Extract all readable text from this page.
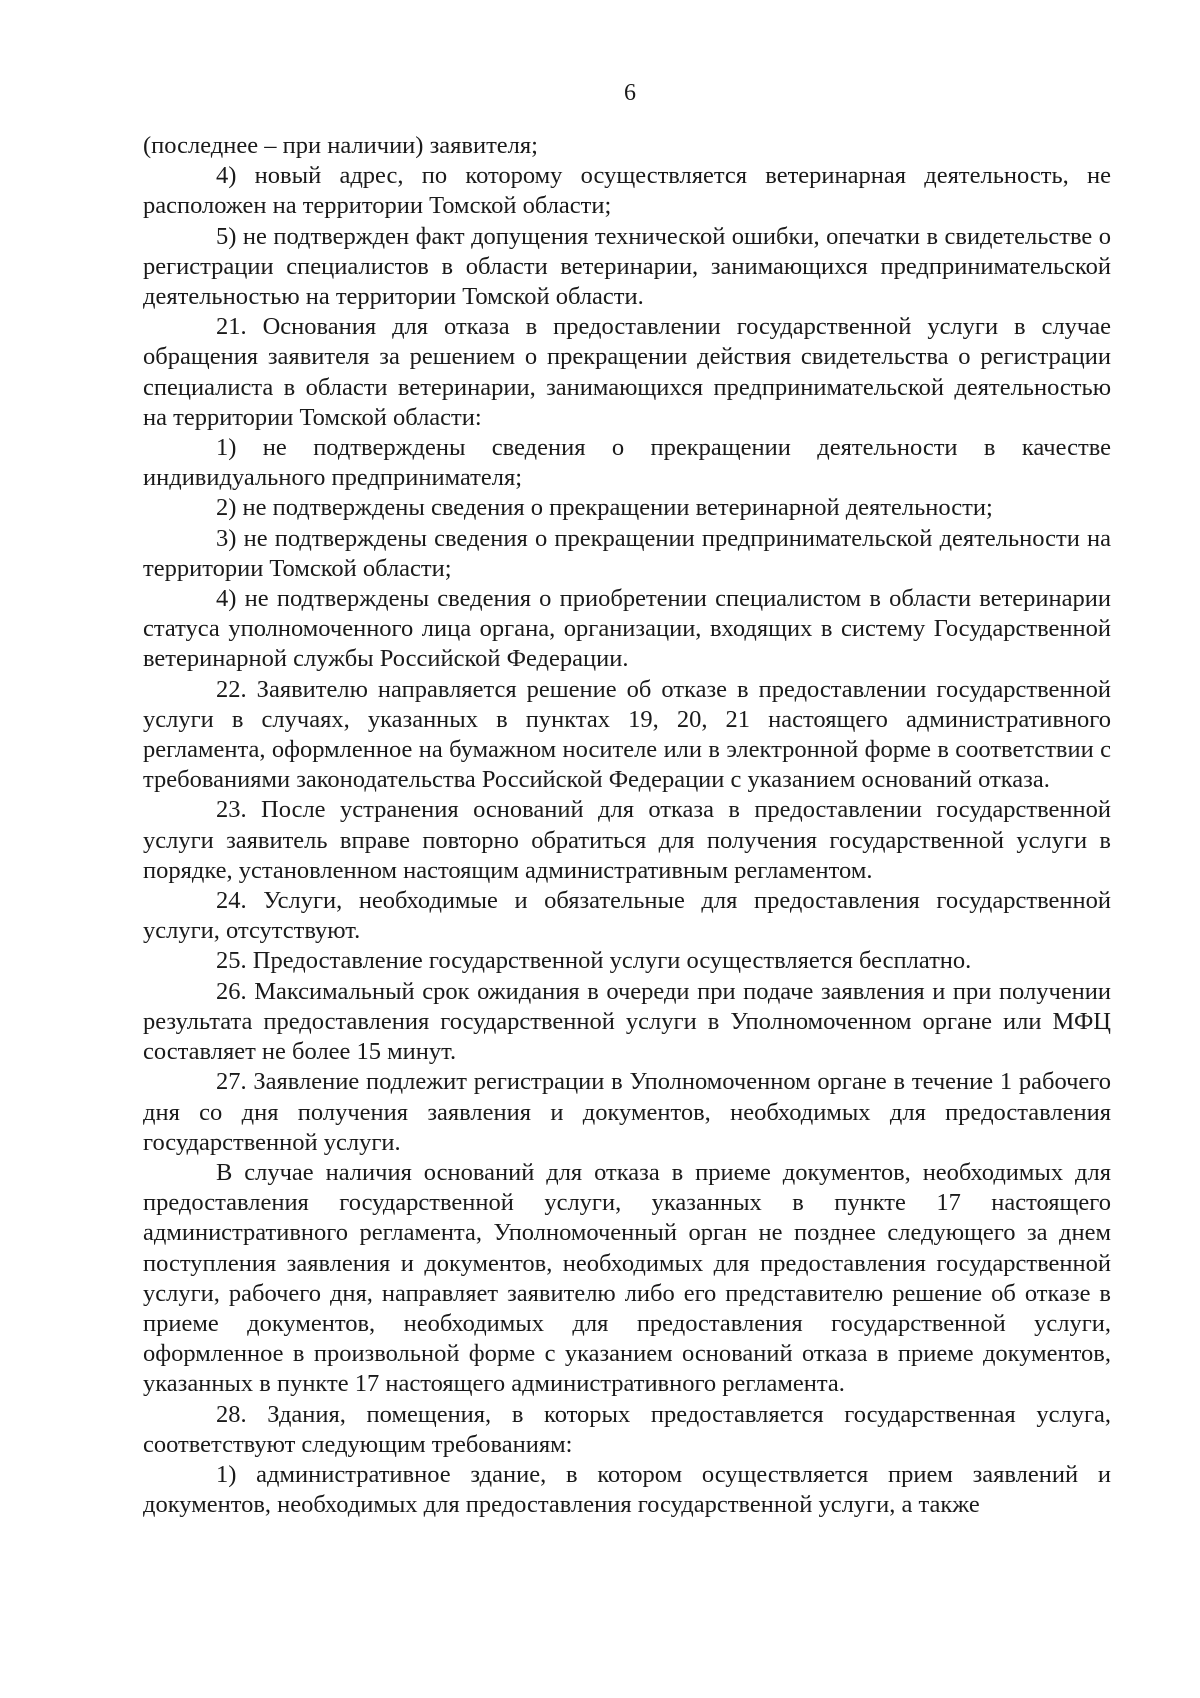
6

(последнее – при наличии) заявителя;

4) новый адрес, по которому осуществляется ветеринарная деятельность, не расположен на территории Томской области;

5) не подтвержден факт допущения технической ошибки, опечатки в свидетельстве о регистрации специалистов в области ветеринарии, занимающихся предпринимательской деятельностью на территории Томской области.

21. Основания для отказа в предоставлении государственной услуги в случае обращения заявителя за решением о прекращении действия свидетельства о регистрации специалиста в области ветеринарии, занимающихся предпринимательской деятельностью на территории Томской области:

1) не подтверждены сведения о прекращении деятельности в качестве индивидуального предпринимателя;

2) не подтверждены сведения о прекращении ветеринарной деятельности;

3) не подтверждены сведения о прекращении предпринимательской деятельности на территории Томской области;

4) не подтверждены сведения о приобретении специалистом в области ветеринарии статуса уполномоченного лица органа, организации, входящих в систему Государственной ветеринарной службы Российской Федерации.

22. Заявителю направляется решение об отказе в предоставлении государственной услуги в случаях, указанных в пунктах 19, 20, 21 настоящего административного регламента, оформленное на бумажном носителе или в электронной форме в соответствии с требованиями законодательства Российской Федерации с указанием оснований отказа.

23. После устранения оснований для отказа в предоставлении государственной услуги заявитель вправе повторно обратиться для получения государственной услуги в порядке, установленном настоящим административным регламентом.

24. Услуги, необходимые и обязательные для предоставления государственной услуги, отсутствуют.

25. Предоставление государственной услуги осуществляется бесплатно.

26. Максимальный срок ожидания в очереди при подаче заявления и при получении результата предоставления государственной услуги в Уполномоченном органе или МФЦ составляет не более 15 минут.

27. Заявление подлежит регистрации в Уполномоченном органе в течение 1 рабочего дня со дня получения заявления и документов, необходимых для предоставления государственной услуги.

В случае наличия оснований для отказа в приеме документов, необходимых для предоставления государственной услуги, указанных в пункте 17 настоящего административного регламента, Уполномоченный орган не позднее следующего за днем поступления заявления и документов, необходимых для предоставления государственной услуги, рабочего дня, направляет заявителю либо его представителю решение об отказе в приеме документов, необходимых для предоставления государственной услуги, оформленное в произвольной форме с указанием оснований отказа в приеме документов, указанных в пункте 17 настоящего административного регламента.

28. Здания, помещения, в которых предоставляется государственная услуга, соответствуют следующим требованиям:

1) административное здание, в котором осуществляется прием заявлений и документов, необходимых для предоставления государственной услуги, а также
